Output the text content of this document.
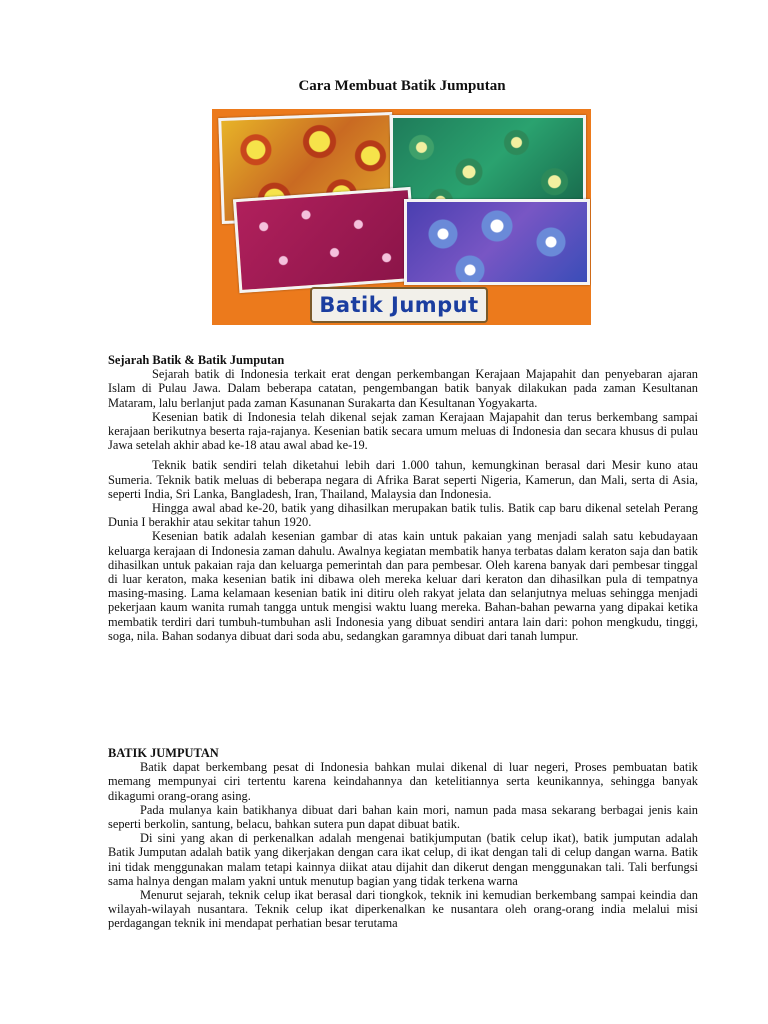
Cara Membuat Batik Jumputan
Batik Jumput

Sejarah Batik & Batik Jumputan

Sejarah batik di Indonesia terkait erat dengan perkembangan Kerajaan Majapahit dan penyebaran ajaran Islam di Pulau Jawa. Dalam beberapa catatan, pengembangan batik banyak dilakukan pada zaman Kesultanan Mataram, lalu berlanjut pada zaman Kasunanan Surakarta dan Kesultanan Yogyakarta.

Kesenian batik di Indonesia telah dikenal sejak zaman Kerajaan Majapahit dan terus berkembang sampai kerajaan berikutnya beserta raja-rajanya. Kesenian batik secara umum meluas di Indonesia dan secara khusus di pulau Jawa setelah akhir abad ke-18 atau awal abad ke-19.

Teknik batik sendiri telah diketahui lebih dari 1.000 tahun, kemungkinan berasal dari Mesir kuno atau Sumeria. Teknik batik meluas di beberapa negara di Afrika Barat seperti Nigeria, Kamerun, dan Mali, serta di Asia, seperti India, Sri Lanka, Bangladesh, Iran, Thailand, Malaysia dan Indonesia.

Hingga awal abad ke-20, batik yang dihasilkan merupakan batik tulis. Batik cap baru dikenal setelah Perang Dunia I berakhir atau sekitar tahun 1920.

Kesenian batik adalah kesenian gambar di atas kain untuk pakaian yang menjadi salah satu kebudayaan keluarga kerajaan di Indonesia zaman dahulu. Awalnya kegiatan membatik hanya terbatas dalam keraton saja dan batik dihasilkan untuk pakaian raja dan keluarga pemerintah dan para pembesar. Oleh karena banyak dari pembesar tinggal di luar keraton, maka kesenian batik ini dibawa oleh mereka keluar dari keraton dan dihasilkan pula di tempatnya masing-masing. Lama kelamaan kesenian batik ini ditiru oleh rakyat jelata dan selanjutnya meluas sehingga menjadi pekerjaan kaum wanita rumah tangga untuk mengisi waktu luang mereka. Bahan-bahan pewarna yang dipakai ketika membatik terdiri dari tumbuh-tumbuhan asli Indonesia yang dibuat sendiri antara lain dari: pohon mengkudu, tinggi, soga, nila. Bahan sodanya dibuat dari soda abu, sedangkan garamnya dibuat dari tanah lumpur.

BATIK JUMPUTAN

Batik dapat berkembang pesat di Indonesia bahkan mulai dikenal di luar negeri, Proses pembuatan batik memang mempunyai ciri tertentu karena keindahannya dan ketelitiannya serta keunikannya, sehingga banyak dikagumi orang-orang asing.

Pada mulanya kain batikhanya dibuat dari bahan kain mori, namun pada masa sekarang berbagai jenis kain seperti berkolin, santung, belacu, bahkan sutera pun dapat dibuat batik.

Di sini yang akan di perkenalkan adalah mengenai batikjumputan (batik celup ikat), batik jumputan adalah Batik Jumputan adalah batik yang dikerjakan dengan cara ikat celup, di ikat dengan tali di celup dangan warna. Batik ini tidak menggunakan malam tetapi kainnya diikat atau dijahit dan dikerut dengan menggunakan tali. Tali berfungsi sama halnya dengan malam yakni untuk menutup bagian yang tidak terkena warna

Menurut sejarah, teknik celup ikat berasal dari tiongkok, teknik ini kemudian berkembang sampai keindia dan wilayah-wilayah nusantara. Teknik celup ikat diperkenalkan ke nusantara oleh orang-orang india melalui misi perdagangan teknik ini mendapat perhatian besar terutama
